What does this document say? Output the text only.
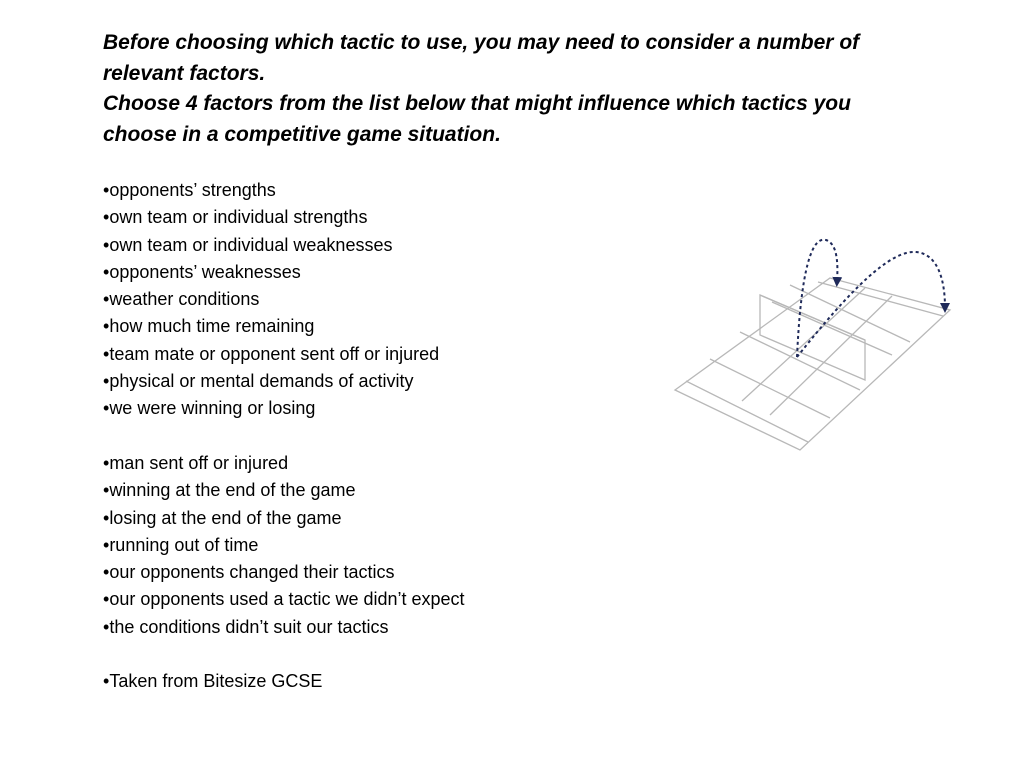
Before choosing which tactic to use, you may need to consider a number of relevant factors.

Choose 4 factors from the list below that might influence which tactics you choose in a competitive game situation.

•opponents’ strengths
•own team or individual strengths
•own team or individual weaknesses
•opponents’ weaknesses
•weather conditions
•how much time remaining
•team mate or opponent sent off or injured
•physical or mental demands of activity
•we were winning or losing
•man sent off or injured
•winning at the end of the game
•losing at the end of the game
•running out of time
•our opponents changed their tactics
•our opponents used a tactic we didn’t expect
•the conditions didn’t suit our tactics
•Taken from Bitesize GCSE
